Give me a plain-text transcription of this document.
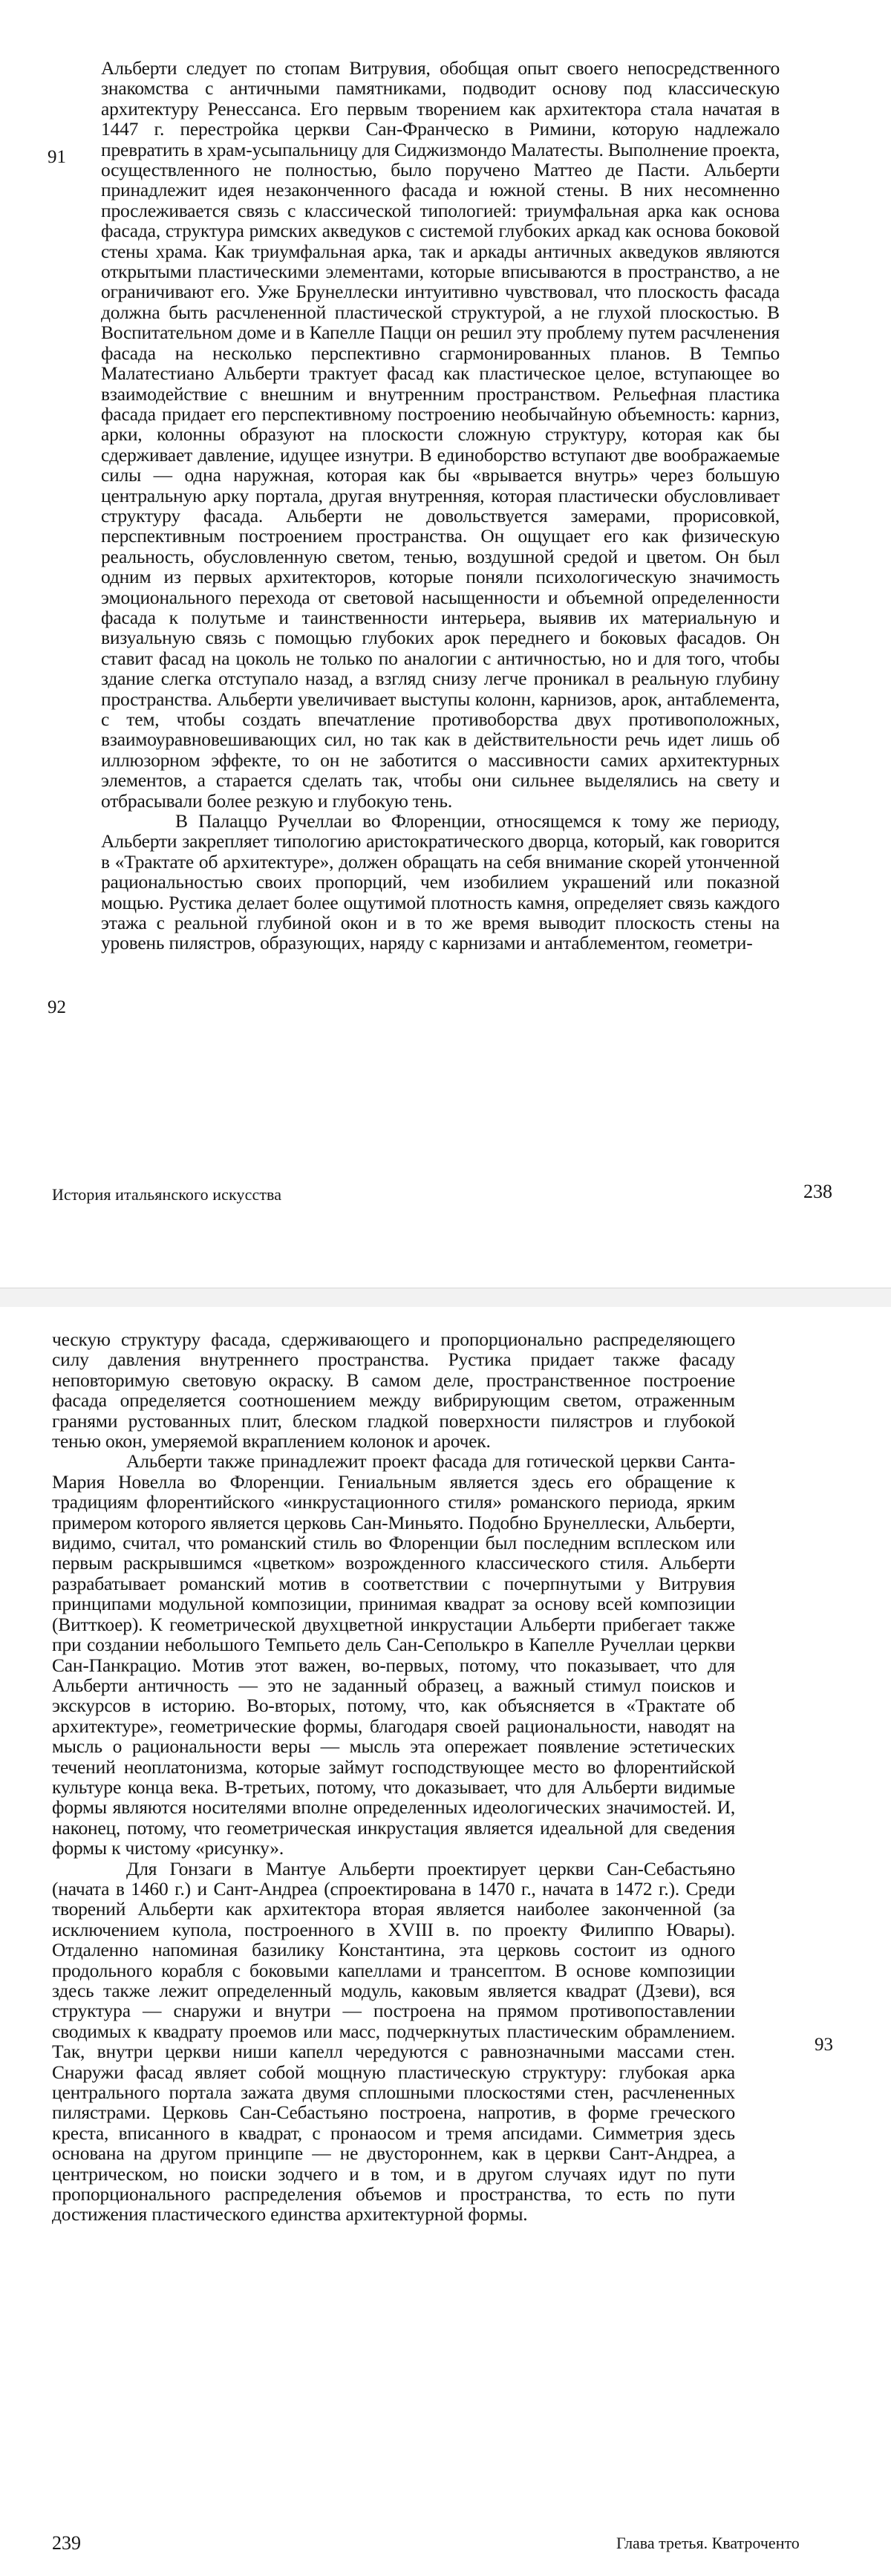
91
92

Альберти следует по стопам Витрувия, обобщая опыт своего непосредственного знакомства с античными памятниками, подводит основу под классическую архитектуру Ренессанса. Его первым творением как архитектора стала начатая в 1447 г. перестройка церкви Сан-Франческо в Римини, которую надлежало превратить в храм-усыпальницу для Сиджизмондо Малатесты. Выполнение проекта, осуществленного не полностью, было поручено Маттео де Пасти. Альберти принадлежит идея незаконченного фасада и южной стены. В них несомненно прослеживается связь с классической типологией: триумфальная арка как основа фасада, структура римских акведуков с системой глубоких аркад как основа боковой стены храма. Как триумфальная арка, так и аркады античных акведуков являются открытыми пластическими элементами, которые вписываются в пространство, а не ограничивают его. Уже Брунеллески интуитивно чувствовал, что плоскость фасада должна быть расчлененной пластической структурой, а не глухой плоскостью. В Воспитательном доме и в Капелле Пацци он решил эту проблему путем расчленения фасада на несколько перспективно сгармонированных планов. В Темпьо Малатестиано Альберти трактует фасад как пластическое целое, вступающее во взаимодействие с внешним и внутренним пространством. Рельефная пластика фасада придает его перспективному построению необычайную объемность: карниз, арки, колонны образуют на плоскости сложную структуру, которая как бы сдерживает давление, идущее изнутри. В единоборство вступают две воображаемые силы — одна наружная, которая как бы «врывается внутрь» через большую центральную арку портала, другая внутренняя, которая пластически обусловливает структуру фасада. Альберти не довольствуется замерами, прорисовкой, перспективным построением пространства. Он ощущает его как физическую реальность, обусловленную светом, тенью, воздушной средой и цветом. Он был одним из первых архитекторов, которые поняли психологическую значимость эмоционального перехода от световой насыщенности и объемной определенности фасада к полутьме и таинственности интерьера, выявив их материальную и визуальную связь с помощью глубоких арок переднего и боковых фасадов. Он ставит фасад на цоколь не только по аналогии с античностью, но и для того, чтобы здание слегка отступало назад, а взгляд снизу легче проникал в реальную глубину пространства. Альберти увеличивает выступы колонн, карнизов, арок, антаблемента, с тем, чтобы создать впечатление противоборства двух противоположных, взаимоуравновешивающих сил, но так как в действительности речь идет лишь об иллюзорном эффекте, то он не заботится о массивности самих архитектурных элементов, а старается сделать так, чтобы они сильнее выделялись на свету и отбрасывали более резкую и глубокую тень.

В Палаццо Ручеллаи во Флоренции, относящемся к тому же периоду, Альберти закрепляет типологию аристократического дворца, который, как говорится в «Трактате об архитектуре», должен обращать на себя внимание скорей утонченной рациональностью своих пропорций, чем изобилием украшений или показной мощью. Рустика делает более ощутимой плотность камня, определяет связь каждого этажа с реальной глубиной окон и в то же время выводит плоскость стены на уровень пилястров, образующих, наряду с карнизами и антаблементом, геометри-

История итальянского искусства	238
93

ческую структуру фасада, сдерживающего и пропорционально распределяющего силу давления внутреннего пространства. Рустика придает также фасаду неповторимую световую окраску. В самом деле, пространственное построение фасада определяется соотношением между вибрирующим светом, отраженным гранями рустованных плит, блеском гладкой поверхности пилястров и глубокой тенью окон, умеряемой вкраплением колонок и арочек.

Альберти также принадлежит проект фасада для готической церкви Санта-Мария Новелла во Флоренции. Гениальным является здесь его обращение к традициям флорентийского «инкрустационного стиля» романского периода, ярким примером которого является церковь Сан-Миньято. Подобно Брунеллески, Альберти, видимо, считал, что романский стиль во Флоренции был последним всплеском или первым раскрывшимся «цветком» возрожденного классического стиля. Альберти разрабатывает романский мотив в соответствии с почерпнутыми у Витрувия принципами модульной композиции, принимая квадрат за основу всей композиции (Витткоер). К геометрической двухцветной инкрустации Альберти прибегает также при создании небольшого Темпьето дель Сан-Сеполькро в Капелле Ручеллаи церкви Сан-Панкрацио. Мотив этот важен, во-первых, потому, что показывает, что для Альберти античность — это не заданный образец, а важный стимул поисков и экскурсов в историю. Во-вторых, потому, что, как объясняется в «Трактате об архитектуре», геометрические формы, благодаря своей рациональности, наводят на мысль о рациональности веры — мысль эта опережает появление эстетических течений неоплатонизма, которые займут господствующее место во флорентийской культуре конца века. В-третьих, потому, что доказывает, что для Альберти видимые формы являются носителями вполне определенных идеологических значимостей. И, наконец, потому, что геометрическая инкрустация является идеальной для сведения формы к чистому «рисунку».

Для Гонзаги в Мантуе Альберти проектирует церкви Сан-Себастьяно (начата в 1460 г.) и Сант-Андреа (спроектирована в 1470 г., начата в 1472 г.). Среди творений Альберти как архитектора вторая является наиболее законченной (за исключением купола, построенного в XVIII в. по проекту Филиппо Ювары). Отдаленно напоминая базилику Константина, эта церковь состоит из одного продольного корабля с боковыми капеллами и трансептом. В основе композиции здесь также лежит определенный модуль, каковым является квадрат (Дзеви), вся структура — снаружи и внутри — построена на прямом противопоставлении сводимых к квадрату проемов или масс, подчеркнутых пластическим обрамлением. Так, внутри церкви ниши капелл чередуются с равнозначными массами стен. Снаружи фасад являет собой мощную пластическую структуру: глубокая арка центрального портала зажата двумя сплошными плоскостями стен, расчлененных пилястрами. Церковь Сан-Себастьяно построена, напротив, в форме греческого креста, вписанного в квадрат, с пронаосом и тремя апсидами. Симметрия здесь основана на другом принципе — не двустороннем, как в церкви Сант-Андреа, а центрическом, но поиски зодчего и в том, и в другом случаях идут по пути пропорционального распределения объемов и пространства, то есть по пути достижения пластического единства архитектурной формы.

239	Глава третья. Кватроченто
